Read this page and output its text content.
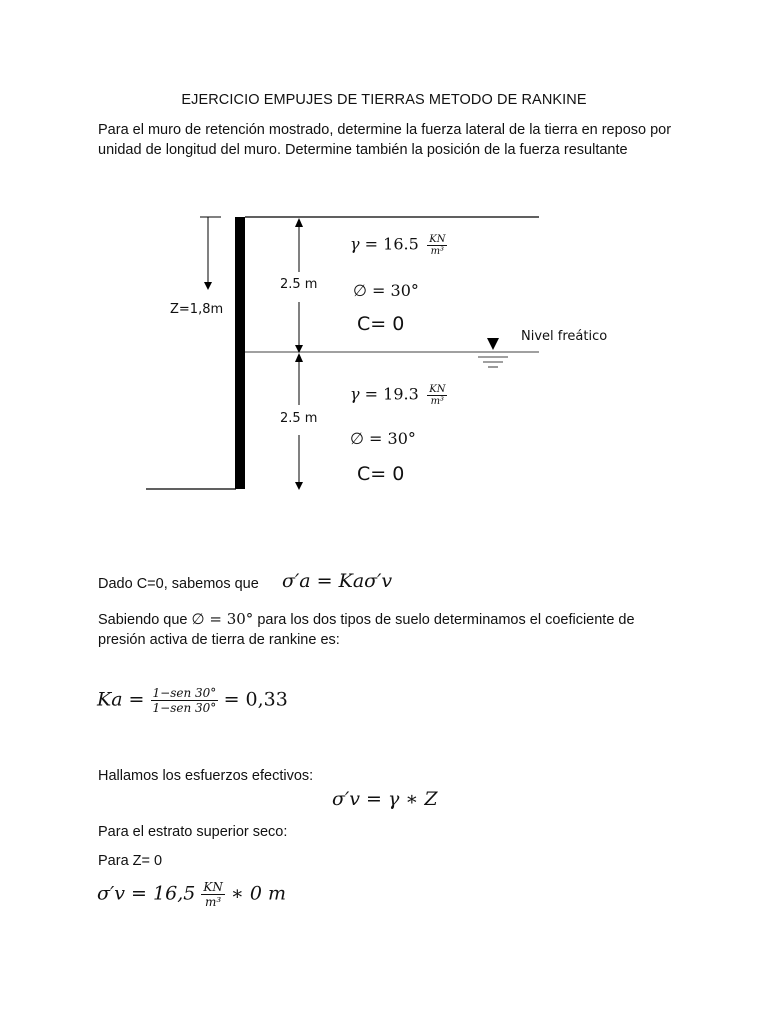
EJERCICIO EMPUJES DE TIERRAS METODO DE RANKINE
Para el muro de retención mostrado, determine la fuerza lateral de la tierra en reposo por unidad de longitud del muro. Determine también la posición de la fuerza resultante
Z=1,8m
2.5 m
2.5 m
Nivel freático
$\gamma = 16.5 \frac{KN}{\text{m³}}$
∅ = 30°
C= 0
$\gamma = 19.3 \frac{KN}{\text{m³}}$
∅ = 30°
C= 0
Dado C=0, sabemos que σ′a = Kaσ′v
Sabiendo que ∅ = 30° para los dos tipos de suelo determinamos el coeficiente de presión activa de tierra de rankine es:
$Ka = \frac{\text{1−sen 30°}}{\text{1−sen 30°}} = 0,33$
Hallamos los esfuerzos efectivos:
σ′v = γ ∗ Z
Para el estrato superior seco:
Para Z= 0
$\sigma'v = 16,5 \frac{KN}{\text{m³}}$ ∗ 0 m
